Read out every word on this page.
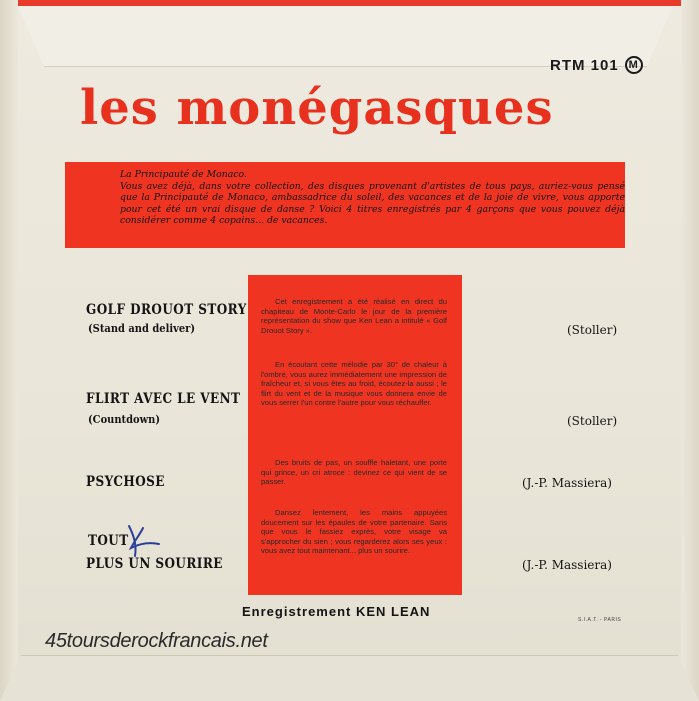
RTM 101 M
les monégasques

La Principauté de Monaco.
Vous avez déjà, dans votre collection, des disques provenant d'artistes de tous pays, auriez-vous pensé que la Principauté de Monaco, ambassadrice du soleil, des vacances et de la joie de vivre, vous apporte pour cet été un vrai disque de danse ? Voici 4 titres enregistrés par 4 garçons que vous pouvez déjà considérer comme 4 copains... de vacances.

Cet enregistrement a été réalisé en direct du chapiteau de Monte-Carlo le jour de la première représentation du show que Ken Lean a intitulé « Golf Drouot Story ».

En écoutant cette mélodie par 30° de chaleur à l'ombre, vous aurez immédiatement une impression de fraîcheur et, si vous êtes au froid, écoutez-la aussi ; le flirt du vent et de la musique vous donnera envie de vous serrer l'un contre l'autre pour vous réchauffer.

Des bruits de pas, un souffle haletant, une porte qui grince, un cri atroce : devinez ce qui vient de se passer.

Dansez lentement, les mains appuyées doucement sur les épaules de votre partenaire. Sans que vous le fassiez exprès, votre visage va s'approcher du sien ; vous regarderez alors ses yeux : vous avez tout maintenant... plus un sourire.

GOLF DROUOT STORY
(Stand and deliver)	(Stoller)
FLIRT AVEC LE VENT
(Countdown)	(Stoller)
PSYCHOSE	(J.-P. Massiera)
TOUT
PLUS UN SOURIRE	(J.-P. Massiera)
Enregistrement KEN LEAN
S.I.A.T. - PARIS
45toursderockfrancais.net
